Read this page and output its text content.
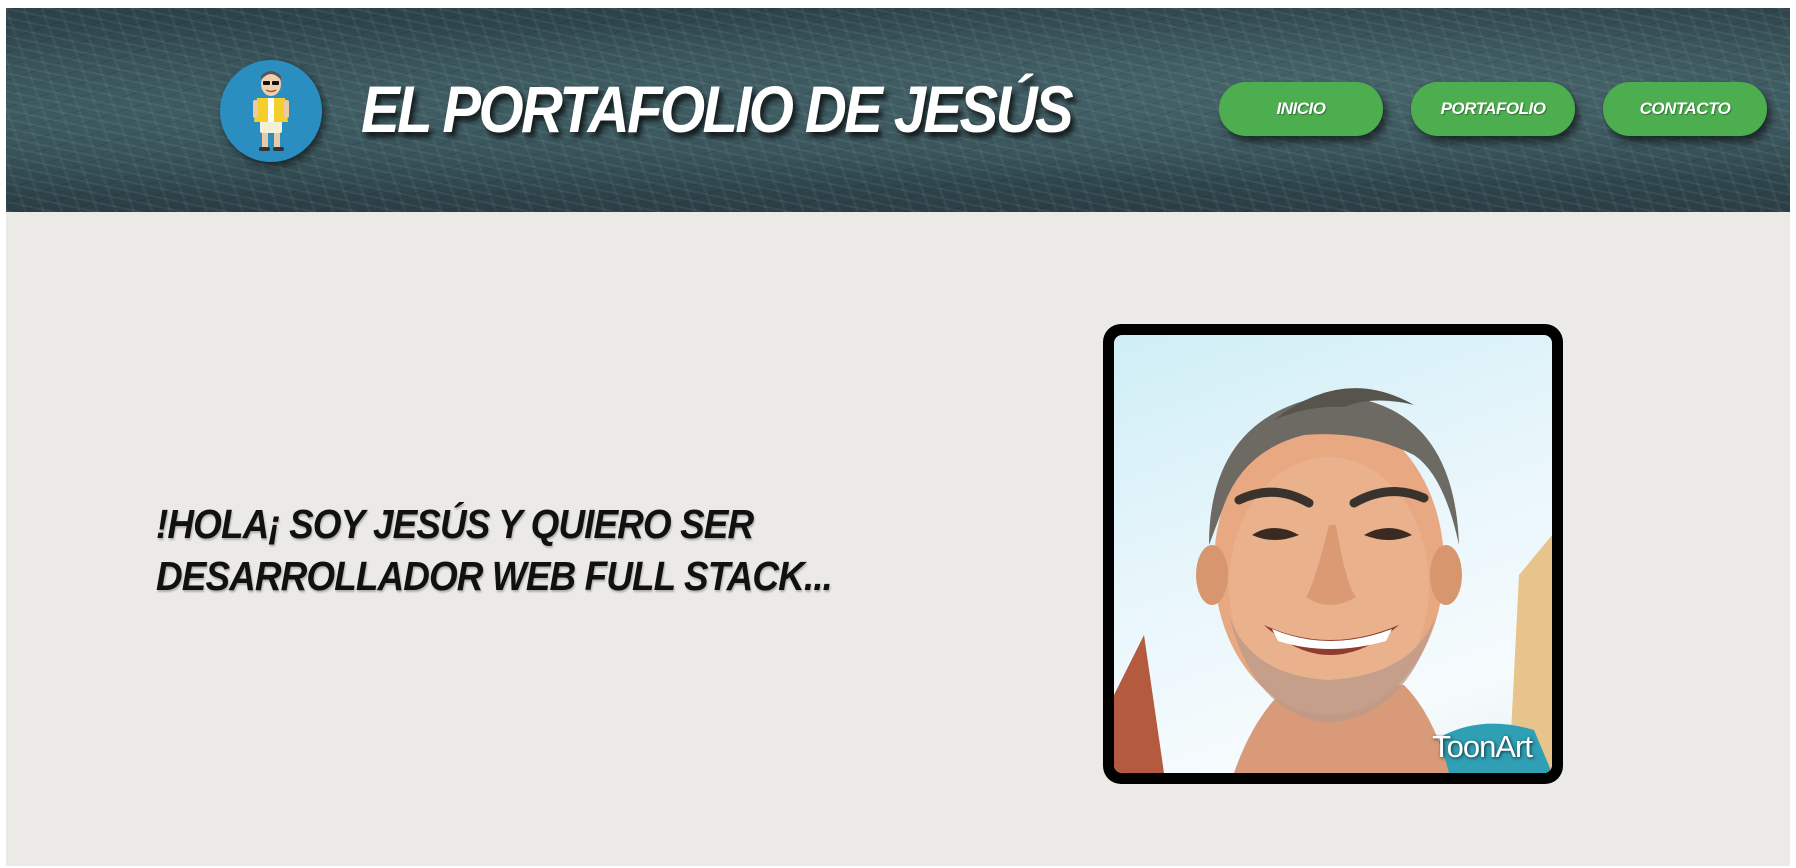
EL PORTAFOLIO DE JESÚS	INICIO	PORTAFOLIO	CONTACTO
!HOLA¡ SOY JESÚS Y QUIERO SER
DESARROLLADOR WEB FULL STACK...
ToonArt
